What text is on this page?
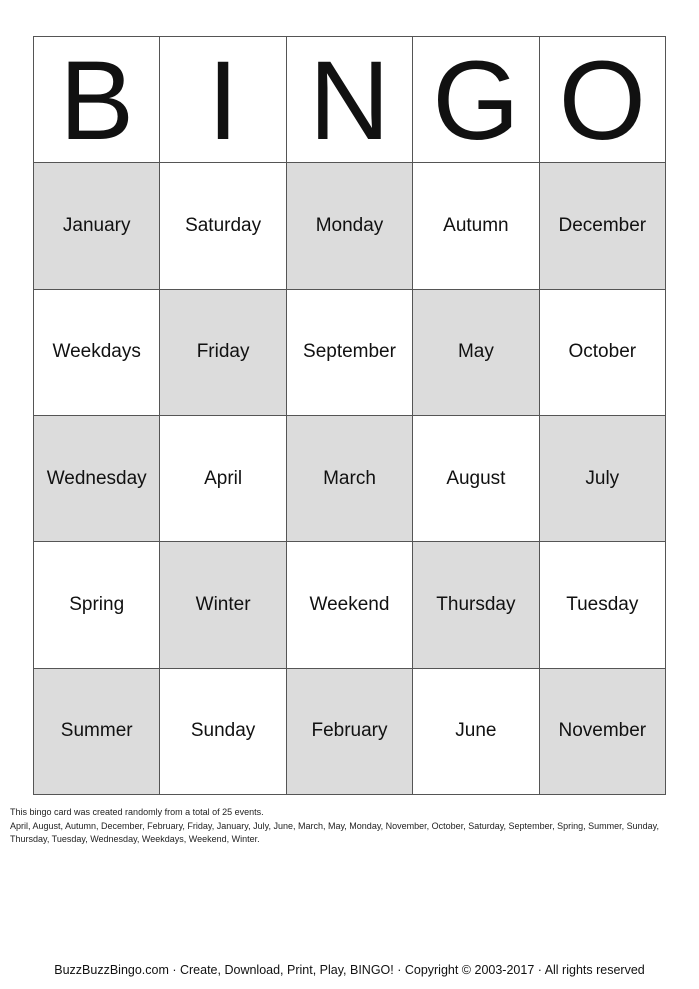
B I N G O
January	Saturday	Monday	Autumn	December
Weekdays	Friday	September	May	October
Wednesday	April	March	August	July
Spring	Winter	Weekend	Thursday	Tuesday
Summer	Sunday	February	June	November
This bingo card was created randomly from a total of 25 events.
April, August, Autumn, December, February, Friday, January, July, June, March, May, Monday, November, October, Saturday, September, Spring, Summer, Sunday, Thursday, Tuesday, Wednesday, Weekdays, Weekend, Winter.
BuzzBuzzBingo.com · Create, Download, Print, Play, BINGO! · Copyright © 2003-2017 · All rights reserved
